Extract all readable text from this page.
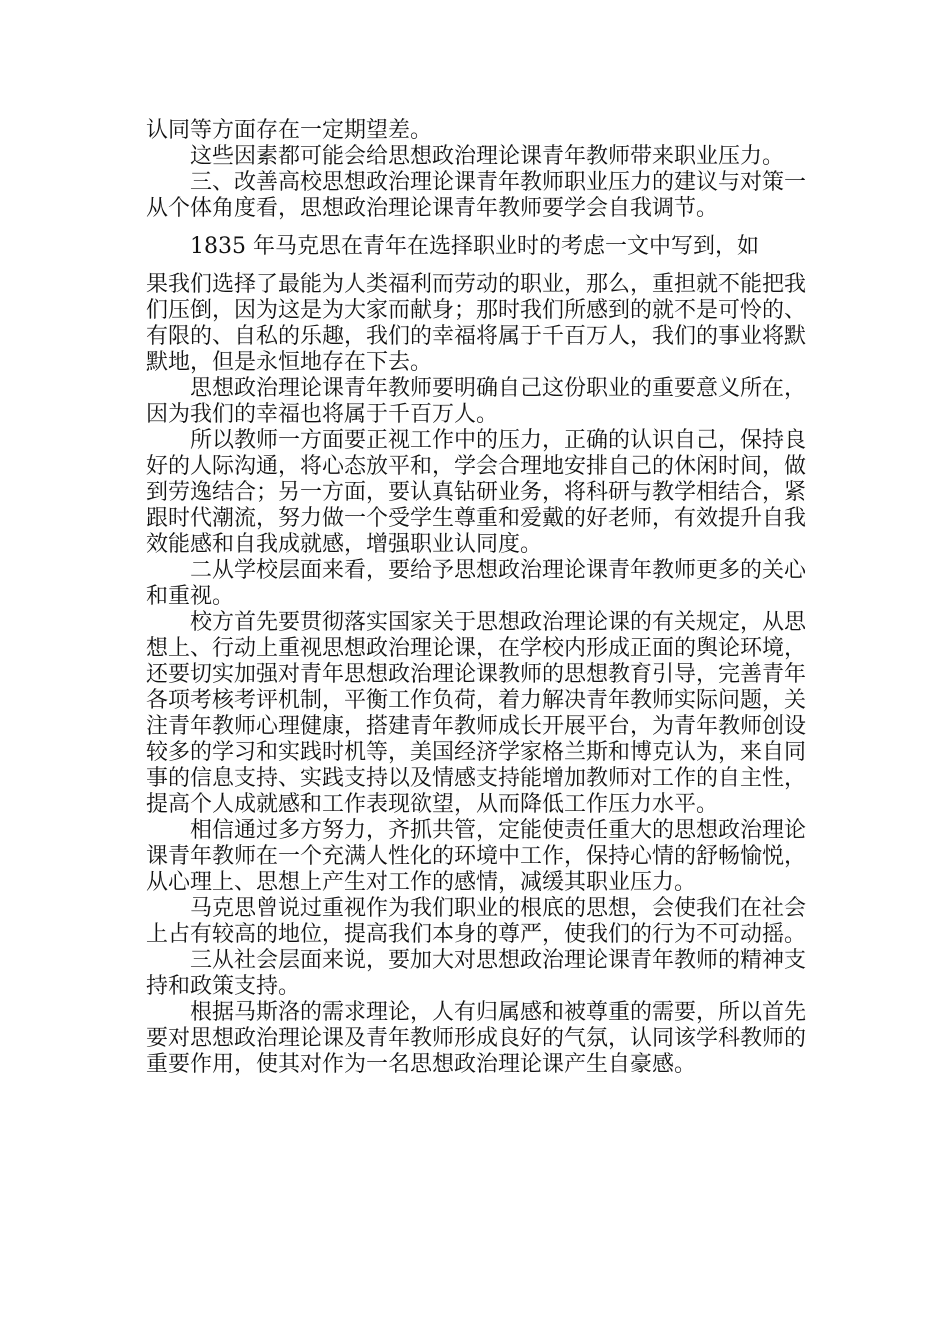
认同等方面存在一定期望差。

这些因素都可能会给思想政治理论课青年教师带来职业压力。

三、改善高校思想政治理论课青年教师职业压力的建议与对策一从个体角度看，思想政治理论课青年教师要学会自我调节。

1835 年马克思在青年在选择职业时的考虑一文中写到，如

果我们选择了最能为人类福利而劳动的职业，那么，重担就不能把我们压倒，因为这是为大家而献身；那时我们所感到的就不是可怜的、有限的、自私的乐趣，我们的幸福将属于千百万人，我们的事业将默默地，但是永恒地存在下去。

思想政治理论课青年教师要明确自己这份职业的重要意义所在，因为我们的幸福也将属于千百万人。

所以教师一方面要正视工作中的压力，正确的认识自己，保持良好的人际沟通，将心态放平和，学会合理地安排自己的休闲时间，做到劳逸结合；另一方面，要认真钻研业务，将科研与教学相结合，紧跟时代潮流，努力做一个受学生尊重和爱戴的好老师，有效提升自我效能感和自我成就感，增强职业认同度。

二从学校层面来看，要给予思想政治理论课青年教师更多的关心和重视。

校方首先要贯彻落实国家关于思想政治理论课的有关规定，从思想上、行动上重视思想政治理论课，在学校内形成正面的舆论环境，还要切实加强对青年思想政治理论课教师的思想教育引导，完善青年各项考核考评机制，平衡工作负荷，着力解决青年教师实际问题，关注青年教师心理健康，搭建青年教师成长开展平台，为青年教师创设较多的学习和实践时机等，美国经济学家格兰斯和博克认为，来自同事的信息支持、实践支持以及情感支持能增加教师对工作的自主性，提高个人成就感和工作表现欲望，从而降低工作压力水平。

相信通过多方努力，齐抓共管，定能使责任重大的思想政治理论课青年教师在一个充满人性化的环境中工作，保持心情的舒畅愉悦，从心理上、思想上产生对工作的感情，减缓其职业压力。

马克思曾说过重视作为我们职业的根底的思想，会使我们在社会上占有较高的地位，提高我们本身的尊严，使我们的行为不可动摇。

三从社会层面来说，要加大对思想政治理论课青年教师的精神支持和政策支持。

根据马斯洛的需求理论，人有归属感和被尊重的需要，所以首先要对思想政治理论课及青年教师形成良好的气氛，认同该学科教师的重要作用，使其对作为一名思想政治理论课产生自豪感。
